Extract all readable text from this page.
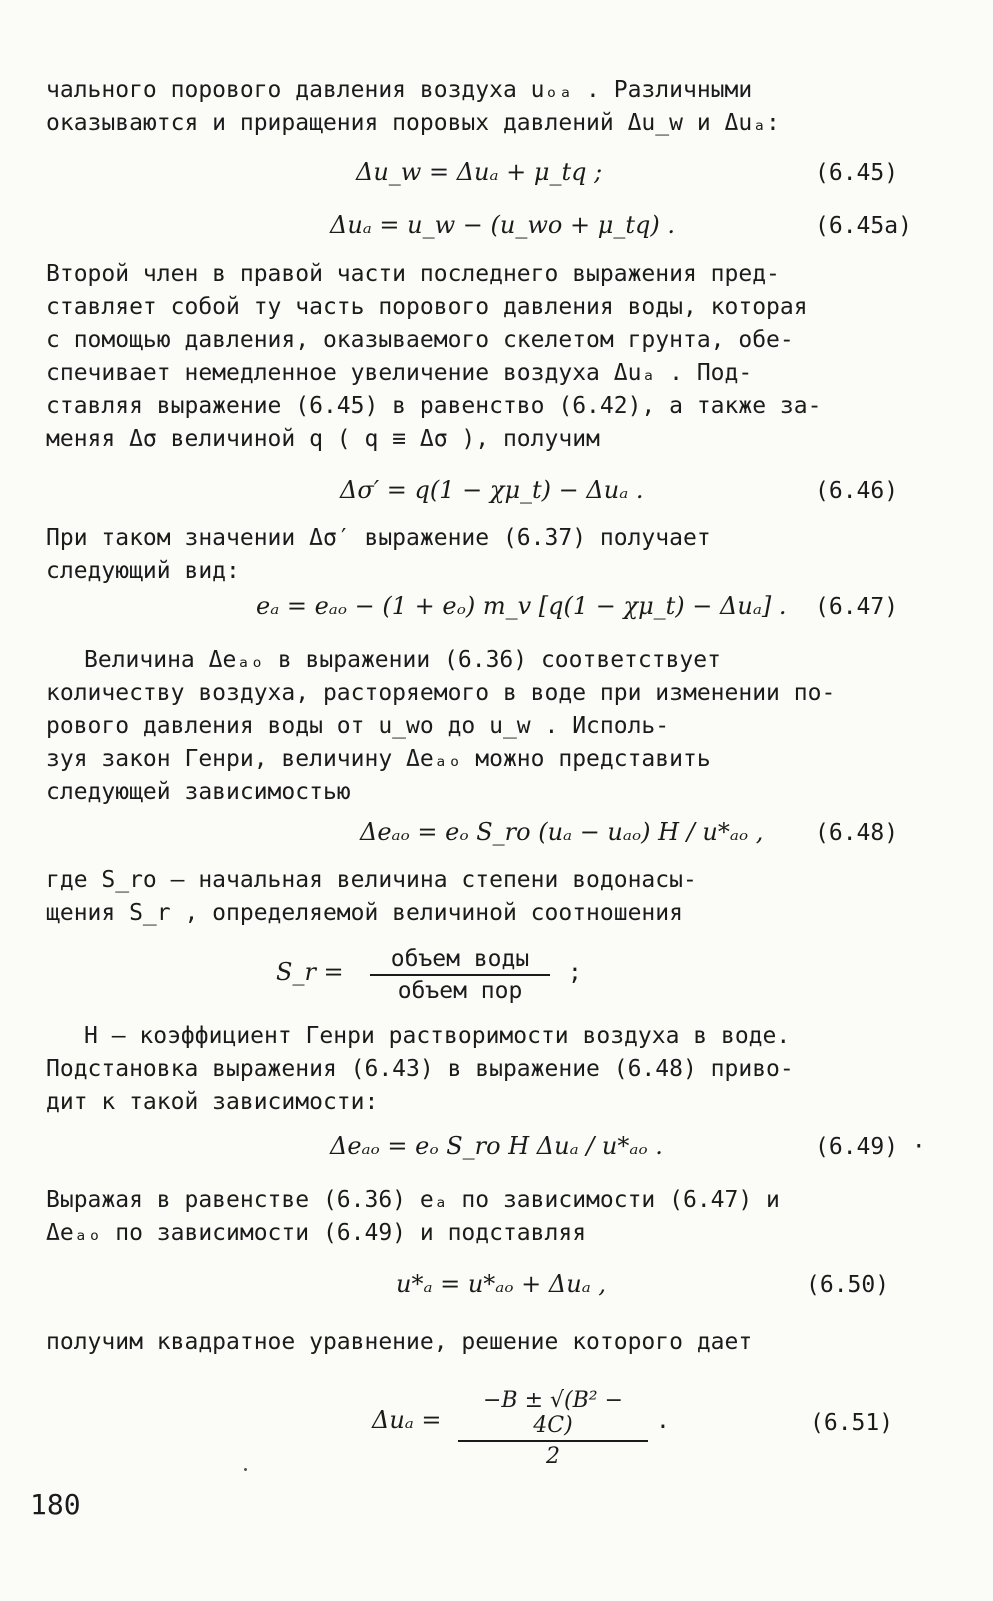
чального порового давления воздуха uₒₐ . Различными
оказываются и приращения поровых давлений Δu_w и Δuₐ:
Δu_w = Δuₐ + μ_tq ;	(6.45)
Δuₐ = u_w − (u_wo + μ_tq) .	(6.45a)
Второй член в правой части последнего выражения пред-
ставляет собой ту часть порового давления воды, которая
с помощью давления, оказываемого скелетом грунта, обе-
спечивает немедленное увеличение воздуха Δuₐ . Под-
ставляя выражение (6.45) в равенство (6.42), а также за-
меняя Δσ величиной q ( q ≡ Δσ ), получим
Δσ′ = q(1 − χμ_t) − Δuₐ .	(6.46)
При таком значении Δσ′ выражение (6.37) получает
следующий вид:
eₐ = eₐₒ − (1 + eₒ) m_v [q(1 − χμ_t) − Δuₐ] . (6.47)
Величина Δeₐₒ в выражении (6.36) соответствует
количеству воздуха, расторяемого в воде при изменении по-
рового давления воды от u_wo до u_w . Исполь-
зуя закон Генри, величину Δeₐₒ можно представить
следующей зависимостью
Δeₐₒ = eₒ S_ro (uₐ − uₐₒ) H / u*ₐₒ , (6.48)
где S_ro – начальная величина степени водонасы-
щения S_r , определяемой величиной соотношения
S_r =	объем воды
объем пор
;
H – коэффициент Генри растворимости воздуха в воде.
Подстановка выражения (6.43) в выражение (6.48) приво-
дит к такой зависимости:
Δeₐₒ = eₒ S_ro H Δuₐ / u*ₐₒ .	(6.49) ·
Выражая в равенстве (6.36) eₐ по зависимости (6.47) и
Δeₐₒ по зависимости (6.49) и подставляя
u*ₐ = u*ₐₒ + Δuₐ ,	(6.50)
получим квадратное уравнение, решение которого дает
$\Delta u_a = \frac{\text{−B ± √(B² − 4C)}}{2}$ .	(6.51)
180
